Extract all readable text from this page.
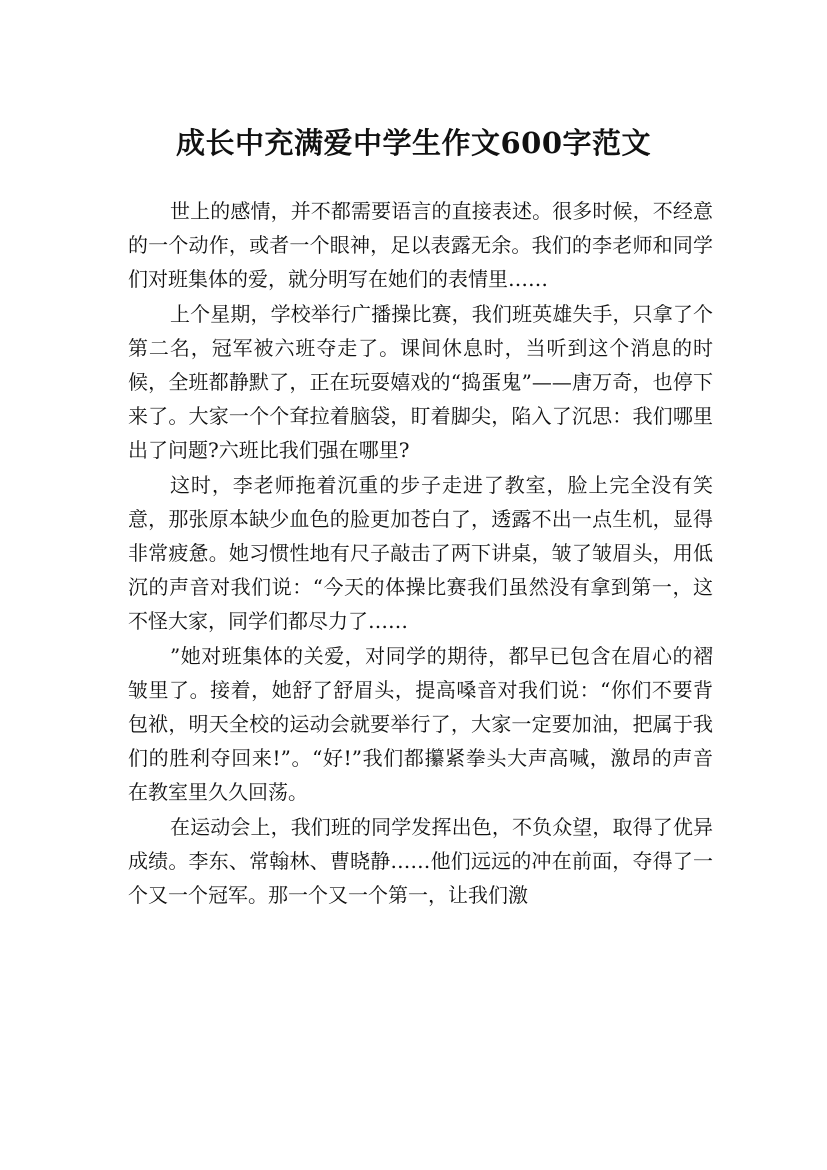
成长中充满爱中学生作文600字范文

世上的感情，并不都需要语言的直接表述。很多时候，不经意的一个动作，或者一个眼神，足以表露无余。我们的李老师和同学们对班集体的爱，就分明写在她们的表情里……

上个星期，学校举行广播操比赛，我们班英雄失手，只拿了个第二名，冠军被六班夺走了。课间休息时，当听到这个消息的时候，全班都静默了，正在玩耍嬉戏的“捣蛋鬼”——唐万奇，也停下来了。大家一个个耷拉着脑袋，盯着脚尖，陷入了沉思：我们哪里出了问题?六班比我们强在哪里?

这时，李老师拖着沉重的步子走进了教室，脸上完全没有笑意，那张原本缺少血色的脸更加苍白了，透露不出一点生机，显得非常疲惫。她习惯性地有尺子敲击了两下讲桌，皱了皱眉头，用低沉的声音对我们说：“今天的体操比赛我们虽然没有拿到第一，这不怪大家，同学们都尽力了……

”她对班集体的关爱，对同学的期待，都早已包含在眉心的褶皱里了。接着，她舒了舒眉头，提高嗓音对我们说：“你们不要背包袱，明天全校的运动会就要举行了，大家一定要加油，把属于我们的胜利夺回来!”。“好!”我们都攥紧拳头大声高喊，激昂的声音在教室里久久回荡。

在运动会上，我们班的同学发挥出色，不负众望，取得了优异成绩。李东、常翰林、曹晓静……他们远远的冲在前面，夺得了一个又一个冠军。那一个又一个第一，让我们激
